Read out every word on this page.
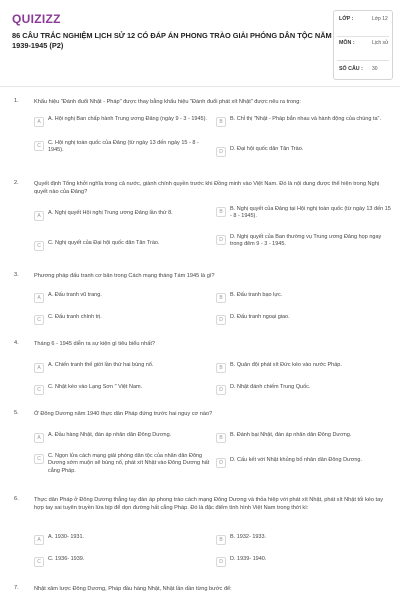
QUIZIZZ
86 CÂU TRẮC NGHIỆM LỊCH SỬ 12 CÓ ĐÁP ÁN PHONG TRÀO GIẢI PHÓNG DÂN TỘC NĂM 1939-1945 (P2)
LỚP :	Lớp 12
MÔN :	Lịch sử
SỐ CÂU : 30
1.	Khẩu hiệu "Đánh đuổi Nhật - Pháp" được thay bằng khẩu hiệu "Đánh đuổi phát xít Nhật" được nêu ra trong:
A	A. Hội nghị Ban chấp hành Trung ương Đảng (ngày 9 - 3 - 1945).	B	B. Chỉ thị "Nhật - Pháp bắn nhau và hành động của chúng ta".
C	C. Hội nghị toàn quốc của Đảng (từ ngày 13 đến ngày 15 - 8 - 1945).	D	D. Đại hội quốc dân Tân Trào.
2.	Quyết định Tổng khởi nghĩa trong cả nước, giành chính quyền trước khi Đồng minh vào Việt Nam. Đó là nội dung được thể hiện trong Nghị quyết nào của Đảng?
A	A. Nghị quyết Hội nghị Trung ương Đảng lần thứ 8.	B	B. Nghị quyết của Đảng tại Hội nghị toàn quốc (từ ngày 13 đến 15 - 8 - 1945).
C	C. Nghị quyết của Đại hội quốc dân Tân Trào.	D	D. Nghị quyết của Ban thường vụ Trung ương Đảng họp ngay trong đêm 9 - 3 - 1945.
3.	Phương pháp đấu tranh cơ bản trong Cách mạng tháng Tám 1945 là gì?
A	A. Đấu tranh vũ trang.	B	B. Đấu tranh bạo lực.
C	C. Đấu tranh chính trị.	D	D. Đấu tranh ngoại giao.
4.	Tháng 6 - 1945 diễn ra sự kiện gì tiêu biểu nhất?
A	A. Chiến tranh thế giới lần thứ hai bùng nổ.	B	B. Quân đội phát xít Đức kéo vào nước Pháp.
C	C. Nhật kéo vào Lạng Sơn " Việt Nam.	D	D. Nhật đánh chiếm Trung Quốc.
5.	Ở Đông Dương năm 1940 thực dân Pháp đứng trước hai nguy cơ nào?
A	A. Đầu hàng Nhật, đàn áp nhân dân Đông Dương.	B	B. Đánh bại Nhật, đàn áp nhân dân Đông Dương.
C	C. Ngọn lửa cách mạng giải phóng dân tộc của nhân dân Đông Dương sớm muộn sẽ bùng nổ, phát xít Nhật vào Đông Dương hất cẳng Pháp.
D	D. Cấu kết với Nhật khủng bố nhân dân Đông Dương.
6.	Thực dân Pháp ở Đông Dương thẳng tay đàn áp phong trào cách mạng Đông Dương và thỏa hiệp với phát xít Nhật, phát xít Nhật tối kéo tay hợp tay sai tuyên truyền lừa bịp để dọn đường hất cẳng Pháp. Đó là đặc điểm tình hình Việt Nam trong thời kì:
A	A. 1930- 1931.	B	B. 1932- 1933.
C	C. 1936- 1939.	D	D. 1939- 1940.
7.	Nhật xâm lược Đông Dương, Pháp đầu hàng Nhật, Nhật lần dần từng bước để:
